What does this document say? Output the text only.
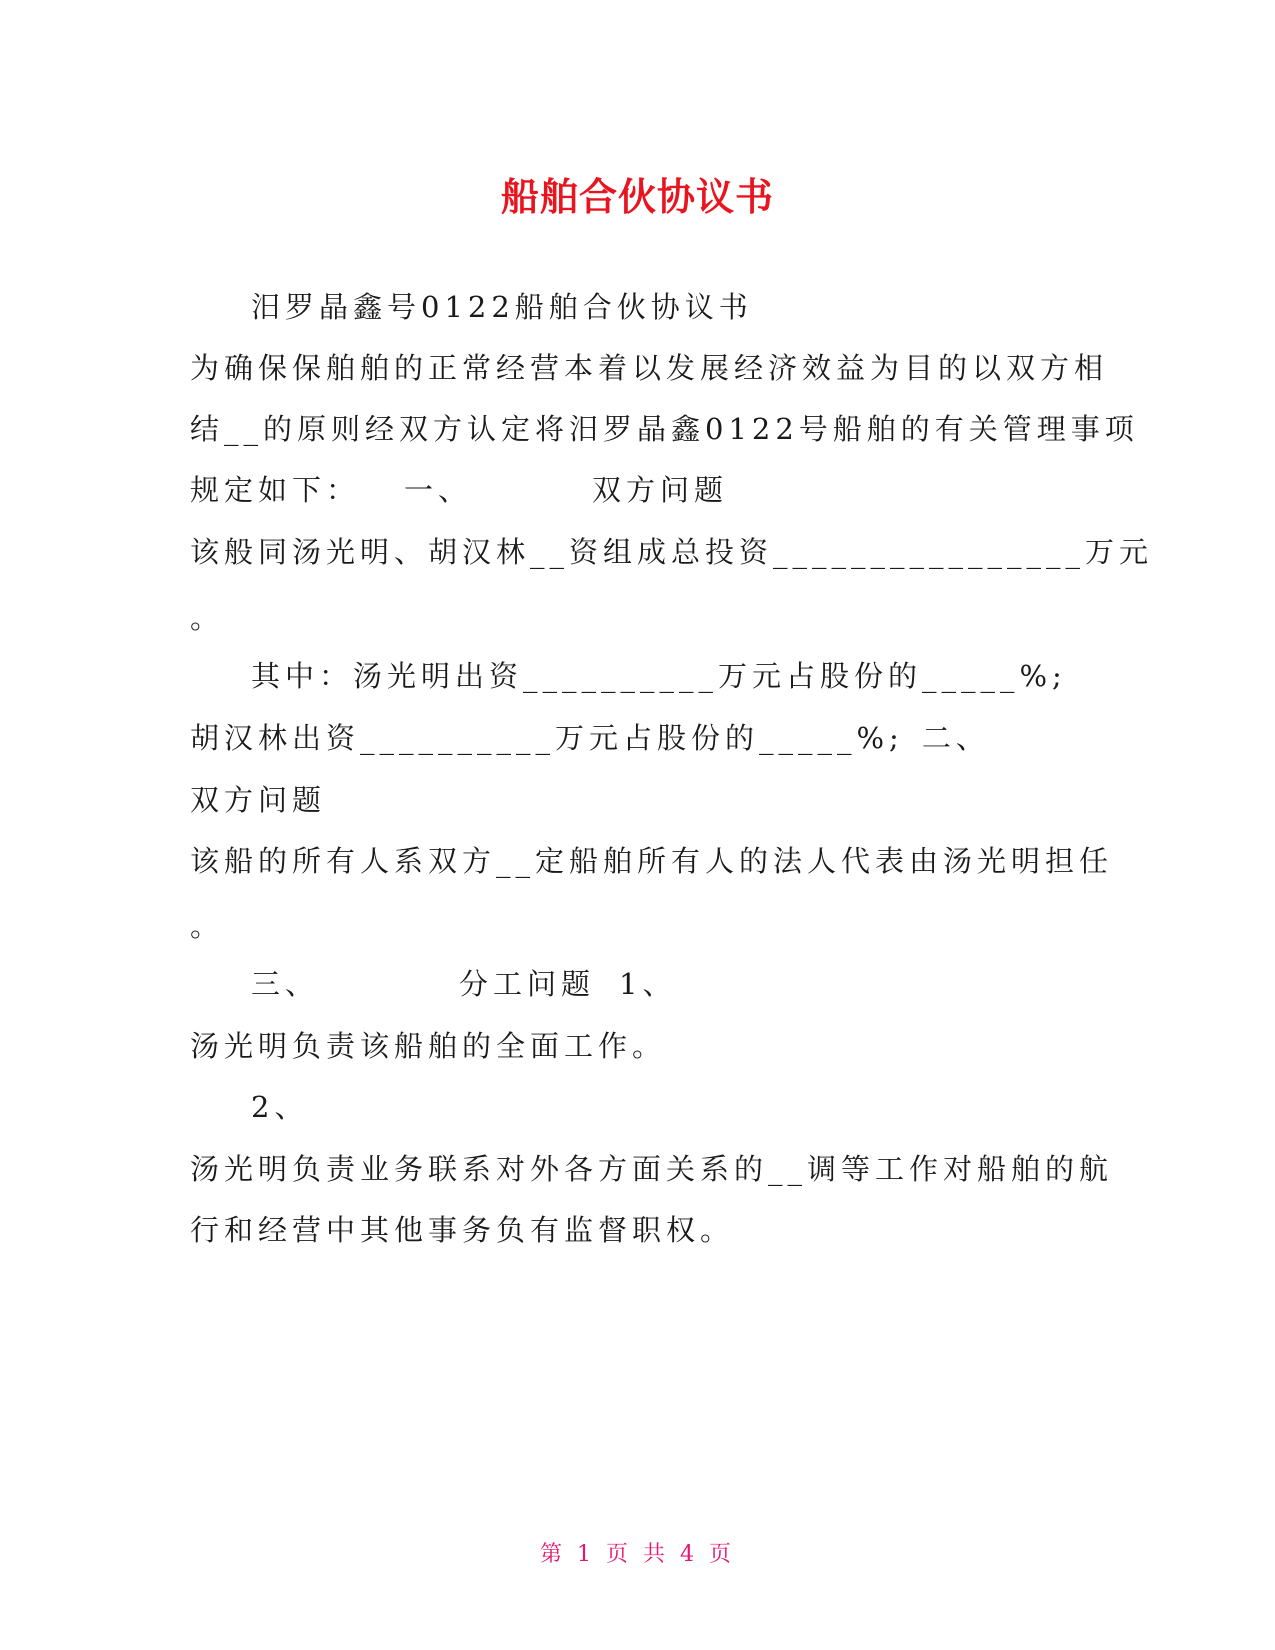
船舶合伙协议书

汨罗晶鑫号0122船舶合伙协议书

为确保保舶舶的正常经营本着以发展经济效益为目的以双方相

结__的原则经双方认定将汨罗晶鑫0122号船舶的有关管理事项

规定如下： 一、	双方问题

该般同汤光明、胡汉林__资组成总投资________________万元

。

其中：汤光明出资__________万元占股份的_____%;

胡汉林出资__________万元占股份的_____%; 二、

双方问题

该船的所有人系双方__定船舶所有人的法人代表由汤光明担任

。

三、	分工问题 1、

汤光明负责该船舶的全面工作。

2、

汤光明负责业务联系对外各方面关系的__调等工作对船舶的航

行和经营中其他事务负有监督职权。

第 1 页 共 4 页
